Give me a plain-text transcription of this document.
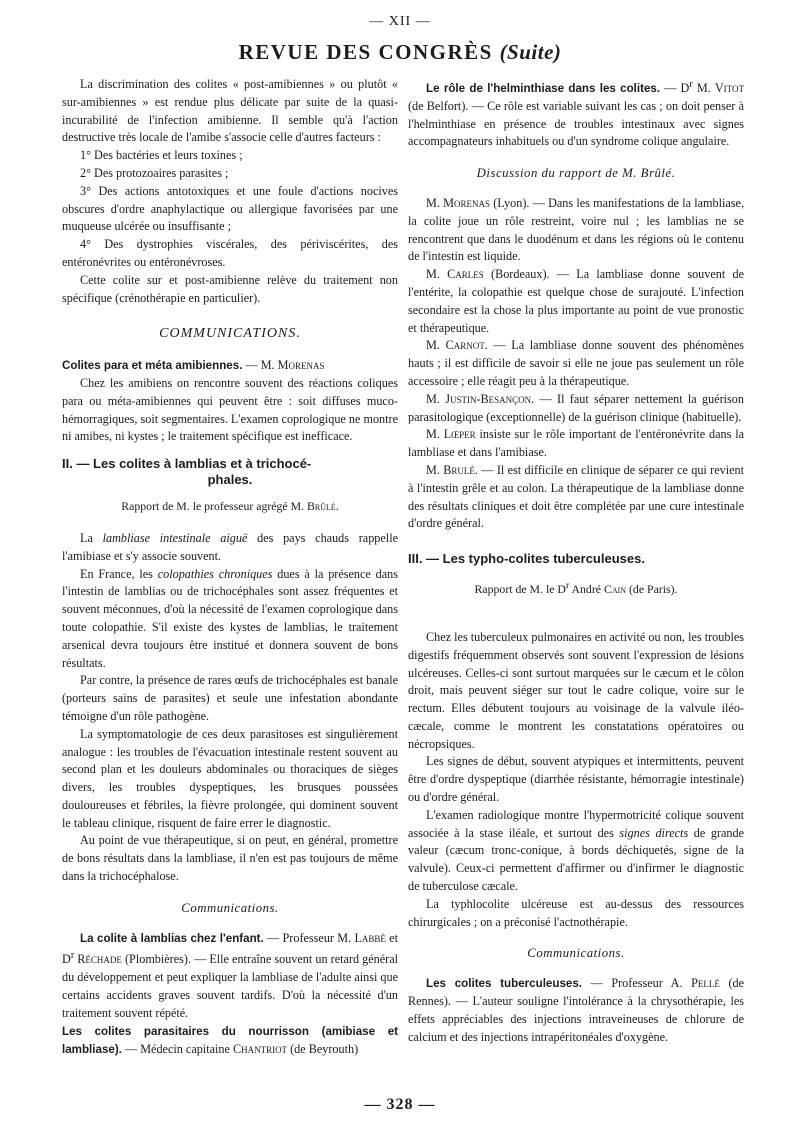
— XII —
REVUE DES CONGRÈS (Suite)

La discrimination des colites « post-amibiennes » ou plutôt « sur-amibiennes » est rendue plus délicate par suite de la quasi-incurabilité de l'infection amibienne. Il semble qu'à l'action destructive très locale de l'amibe s'associe celle d'autres facteurs :

1° Des bactéries et leurs toxines ;

2° Des protozoaires parasites ;

3° Des actions antotoxiques et une foule d'actions nocives obscures d'ordre anaphylactique ou allergique favorisées par une muqueuse ulcérée ou insuffisante ;

4° Des dystrophies viscérales, des périviscérites, des entéronévrites ou entéronévroses.

Cette colite sur et post-amibienne relève du traitement non spécifique (crénothérapie en particulier).

COMMUNICATIONS.

Colites para et méta amibiennes. — M. Morenas

Chez les amibiens on rencontre souvent des réactions coliques para ou méta-amibiennes qui peuvent être : soit diffuses muco-hémorragiques, soit segmentaires. L'examen coprologique ne montre ni amibes, ni kystes ; le traitement spécifique est inefficace.

II. — Les colites à lamblias et à trichocé-
phales.
Rapport de M. le professeur agrégé M. Brûlé.

La lambliase intestinale aiguë des pays chauds rappelle l'amibiase et s'y associe souvent.

En France, les colopathies chroniques dues à la présence dans l'intestin de lamblias ou de trichocéphales sont assez fréquentes et souvent méconnues, d'où la nécessité de l'examen coprologique dans toute colopathie. S'il existe des kystes de lamblias, le traitement arsenical devra toujours être institué et donnera souvent de bons résultats.

Par contre, la présence de rares œufs de trichocéphales est banale (porteurs sains de parasites) et seule une infestation abondante témoigne d'un rôle pathogène.

La symptomatologie de ces deux parasitoses est singulièrement analogue : les troubles de l'évacuation intestinale restent souvent au second plan et les douleurs abdominales ou thoraciques de sièges divers, les troubles dyspeptiques, les brusques poussées douloureuses et fébriles, la fièvre prolongée, qui dominent souvent le tableau clinique, risquent de faire errer le diagnostic.

Au point de vue thérapeutique, si on peut, en général, promettre de bons résultats dans la lambliase, il n'en est pas toujours de même dans la trichocéphalose.

Communications.

La colite à lamblias chez l'enfant. — Professeur M. Labbé et $D^r$ Réchade (Plombières). — Elle entraîne souvent un retard général du développement et peut expliquer la lambliase de l'adulte ainsi que certains accidents graves souvent tardifs. D'où la nécessité d'un traitement souvent répété.

Les colites parasitaires du nourrisson (amibiase et lambliase). — Médecin capitaine Chantriot (de Beyrouth)

Le rôle de l'helminthiase dans les colites. — $D^r$ M. Vitot (de Belfort). — Ce rôle est variable suivant les cas ; on doit penser à l'helminthiase en présence de troubles intestinaux avec signes accompagnateurs inhabituels ou d'un syndrome colique angulaire.

Discussion du rapport de M. Brûlé.

M. Morenas (Lyon). — Dans les manifestations de la lambliase, la colite joue un rôle restreint, voire nul ; les lamblias ne se rencontrent que dans le duodénum et dans les régions où le contenu de l'intestin est liquide.

M. Carles (Bordeaux). — La lambliase donne souvent de l'entérite, la colopathie est quelque chose de surajouté. L'infection secondaire est la chose la plus importante au point de vue pronostic et thérapeutique.

M. Carnot. — La lambliase donne souvent des phénomènes hauts ; il est difficile de savoir si elle ne joue pas seulement un rôle accessoire ; elle réagit peu à la thérapeutique.

M. Justin-Besançon. — Il faut séparer nettement la guérison parasitologique (exceptionnelle) de la guérison clinique (habituelle).

M. Lœper insiste sur le rôle important de l'entéronévrite dans la lambliase et dans l'amibiase.

M. Brulé. — Il est difficile en clinique de séparer ce qui revient à l'intestin grêle et au colon. La thérapeutique de la lambliase donne des résultats cliniques et doit être complétée par une cure intestinale d'ordre général.

III. — Les typho-colites tuberculeuses.
Rapport de M. le $D^r$ André Cain (de Paris).

Chez les tuberculeux pulmonaires en activité ou non, les troubles digestifs fréquemment observés sont souvent l'expression de lésions ulcéreuses. Celles-ci sont surtout marquées sur le cæcum et le côlon droit, mais peuvent siéger sur tout le cadre colique, voire sur le rectum. Elles débutent toujours au voisinage de la valvule iléo-cæcale, comme le montrent les constatations opératoires ou nécropsiques.

Les signes de début, souvent atypiques et intermittents, peuvent être d'ordre dyspeptique (diarrhée résistante, hémorragie intestinale) ou d'ordre général.

L'examen radiologique montre l'hypermotricité colique souvent associée à la stase iléale, et surtout des signes directs de grande valeur (cæcum tronc-conique, à bords déchiquetés, signe de la valvule). Ceux-ci permettent d'affirmer ou d'infirmer le diagnostic de tuberculose cæcale.

La typhlocolite ulcéreuse est au-dessus des ressources chirurgicales ; on a préconisé l'actnothérapie.

Communications.

Les colites tuberculeuses. — Professeur A. Pellé (de Rennes). — L'auteur souligne l'intolérance à la chrysothérapie, les effets appréciables des injections intraveineuses de chlorure de calcium et des injections intrapéritonéales d'oxygène.

— 328 —
